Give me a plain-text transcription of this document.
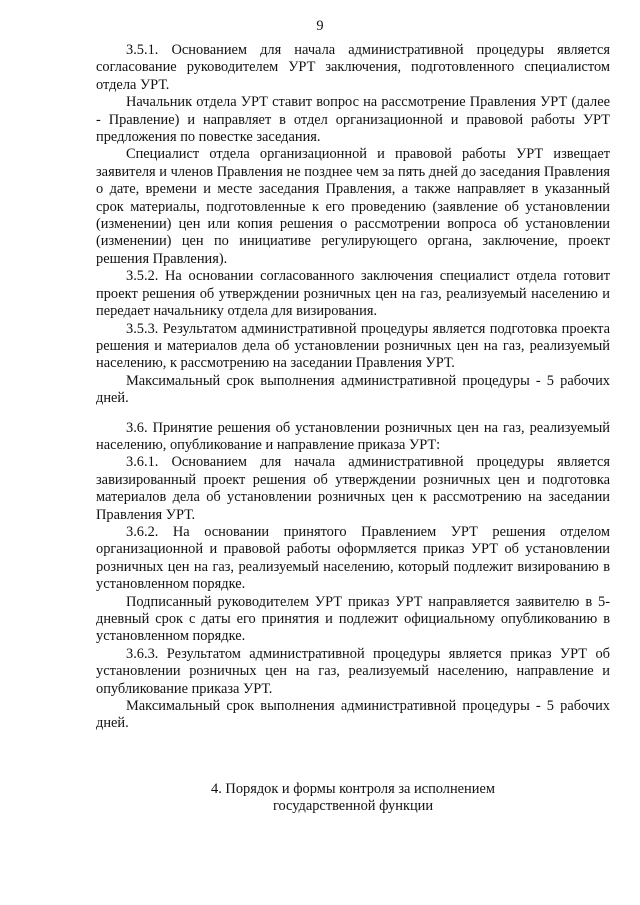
9

3.5.1. Основанием для начала административной процедуры является согласование руководителем УРТ заключения, подготовленного специалистом отдела УРТ.

Начальник отдела УРТ ставит вопрос на рассмотрение Правления УРТ (далее - Правление) и направляет в отдел организационной и правовой работы УРТ предложения по повестке заседания.

Специалист отдела организационной и правовой работы УРТ извещает заявителя и членов Правления не позднее чем за пять дней до заседания Правления о дате, времени и месте заседания Правления, а также направляет в указанный срок материалы, подготовленные к его проведению (заявление об установлении (изменении) цен или копия решения о рассмотрении вопроса об установлении (изменении) цен по инициативе регулирующего органа, заключение, проект решения Правления).

3.5.2. На основании согласованного заключения специалист отдела готовит проект решения об утверждении розничных цен на газ, реализуемый населению и передает начальнику отдела для визирования.

3.5.3. Результатом административной процедуры является подготовка проекта решения и материалов дела об установлении розничных цен на газ, реализуемый населению, к рассмотрению на заседании Правления УРТ.

Максимальный срок выполнения административной процедуры - 5 рабочих дней.

3.6. Принятие решения об установлении розничных цен на газ, реализуемый населению, опубликование и направление приказа УРТ:

3.6.1. Основанием для начала административной процедуры является завизированный проект решения об утверждении розничных цен и подготовка материалов дела об установлении розничных цен к рассмотрению на заседании Правления УРТ.

3.6.2. На основании принятого Правлением УРТ решения отделом организационной и правовой работы оформляется приказ УРТ об установлении розничных цен на газ, реализуемый населению, который подлежит визированию в установленном порядке.

Подписанный руководителем УРТ приказ УРТ направляется заявителю в 5-дневный срок с даты его принятия и подлежит официальному опубликованию в установленном порядке.

3.6.3. Результатом административной процедуры является приказ УРТ об установлении розничных цен на газ, реализуемый населению, направление и опубликование приказа УРТ.

Максимальный срок выполнения административной процедуры - 5 рабочих дней.

4. Порядок и формы контроля за исполнением
государственной функции
